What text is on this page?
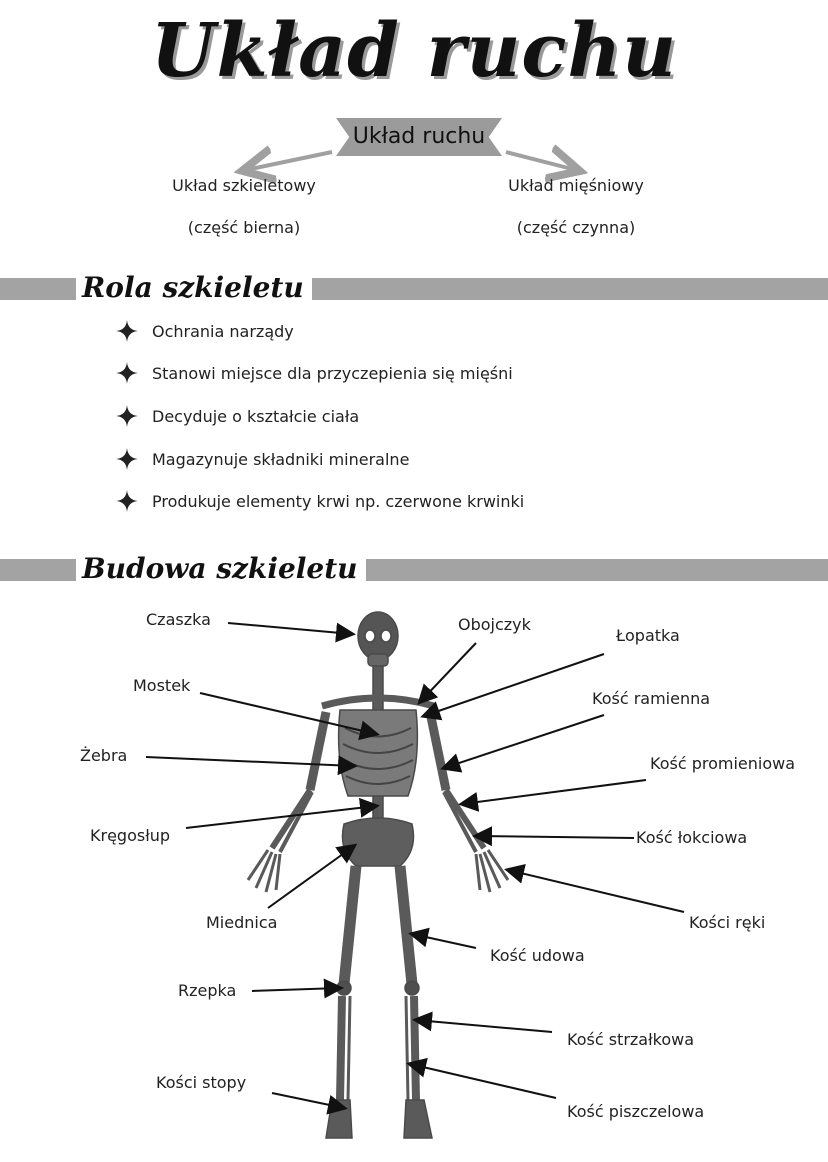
Układ ruchu
Układ ruchu
Układ szkieletowy
(część bierna)
Układ mięśniowy
(część czynna)
Rola szkieletu
Ochrania narządy
Stanowi miejsce dla przyczepienia się mięśni
Decyduje o kształcie ciała
Magazynuje składniki mineralne
Produkuje elementy krwi np. czerwone krwinki
Budowa szkieletu
Czaszka
Mostek
Żebra
Kręgosłup
Miednica
Rzepka
Kości stopy
Obojczyk
Łopatka
Kość ramienna
Kość promieniowa
Kość łokciowa
Kości ręki
Kość udowa
Kość strzałkowa
Kość piszczelowa
